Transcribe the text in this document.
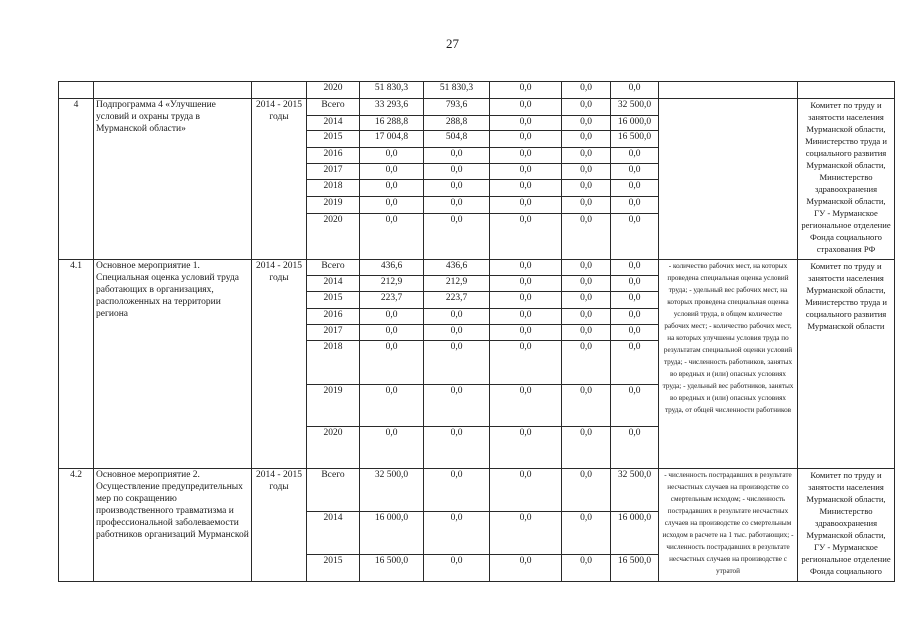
27
			2020	51 830,3	51 830,3	0,0	0,0	0,0		
4	Подпрограмма 4 «Улучшение условий и охраны труда в Мурманской области»	2014 - 2015 годы	Всего	33 293,6	793,6	0,0	0,0	32 500,0		Комитет по труду и занятости населения Мурманской области, Министерство труда и социального развития Мурманской области, Министерство здравоохранения Мурманской области, ГУ - Мурманское региональное отделение Фонда социального страхования РФ
			2014	16 288,8	288,8	0,0	0,0	16 000,0		
			2015	17 004,8	504,8	0,0	0,0	16 500,0		
			2016	0,0	0,0	0,0	0,0	0,0		
			2017	0,0	0,0	0,0	0,0	0,0		
			2018	0,0	0,0	0,0	0,0	0,0		
			2019	0,0	0,0	0,0	0,0	0,0		
			2020	0,0	0,0	0,0	0,0	0,0		
4.1	Основное мероприятие 1. Специальная оценка условий труда работающих в организациях, расположенных на территории региона	2014 - 2015 годы	Всего	436,6	436,6	0,0	0,0	0,0	- количество рабочих мест, на которых проведена специальная оценка условий труда; - удельный вес рабочих мест, на которых проведена специальная оценка условий труда, в общем количестве рабочих мест; - количество рабочих мест, на которых улучшены условия труда по результатам специальной оценки условий труда; - численность работников, занятых во вредных и (или) опасных условиях труда; - удельный вес работников, занятых во вредных и (или) опасных условиях труда, от общей численности работников	Комитет по труду и занятости населения Мурманской области, Министерство труда и социального развития Мурманской области
			2014	212,9	212,9	0,0	0,0	0,0		
			2015	223,7	223,7	0,0	0,0	0,0		
			2016	0,0	0,0	0,0	0,0	0,0		
			2017	0,0	0,0	0,0	0,0	0,0		
			2018	0,0	0,0	0,0	0,0	0,0		
			2019	0,0	0,0	0,0	0,0	0,0		
			2020	0,0	0,0	0,0	0,0	0,0		
4.2	Основное мероприятие 2. Осуществление предупредительных мер по сокращению производственного травматизма и профессиональной заболеваемости работников организаций Мурманской	2014 - 2015 годы	Всего	32 500,0	0,0	0,0	0,0	32 500,0	- численность пострадавших в результате несчастных случаев на производстве со смертельным исходом; - численность пострадавших в результате несчастных случаев на производстве со смертельным исходом в расчете на 1 тыс. работающих; - численность пострадавших в результате несчастных случаев на производстве с утратой	Комитет по труду и занятости населения Мурманской области, Министерство здравоохранения Мурманской области, ГУ - Мурманское региональное отделение Фонда социального
			2014	16 000,0	0,0	0,0	0,0	16 000,0		
			2015	16 500,0	0,0	0,0	0,0	16 500,0		
